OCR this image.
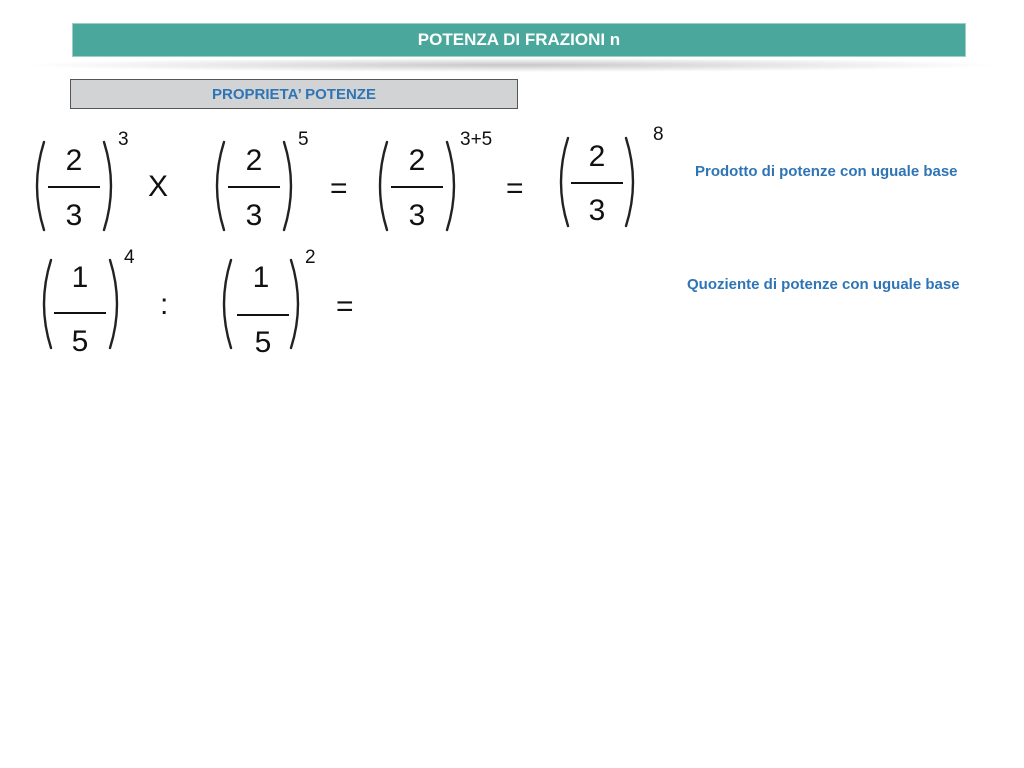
POTENZA DI FRAZIONI n
PROPRIETA’ POTENZE
2
3
3
X
2
3
5
=
2
3
3+5
=
2
3
8
Prodotto di potenze con uguale base
1
5
4
:
1
5
2
=
Quoziente di potenze con uguale base
